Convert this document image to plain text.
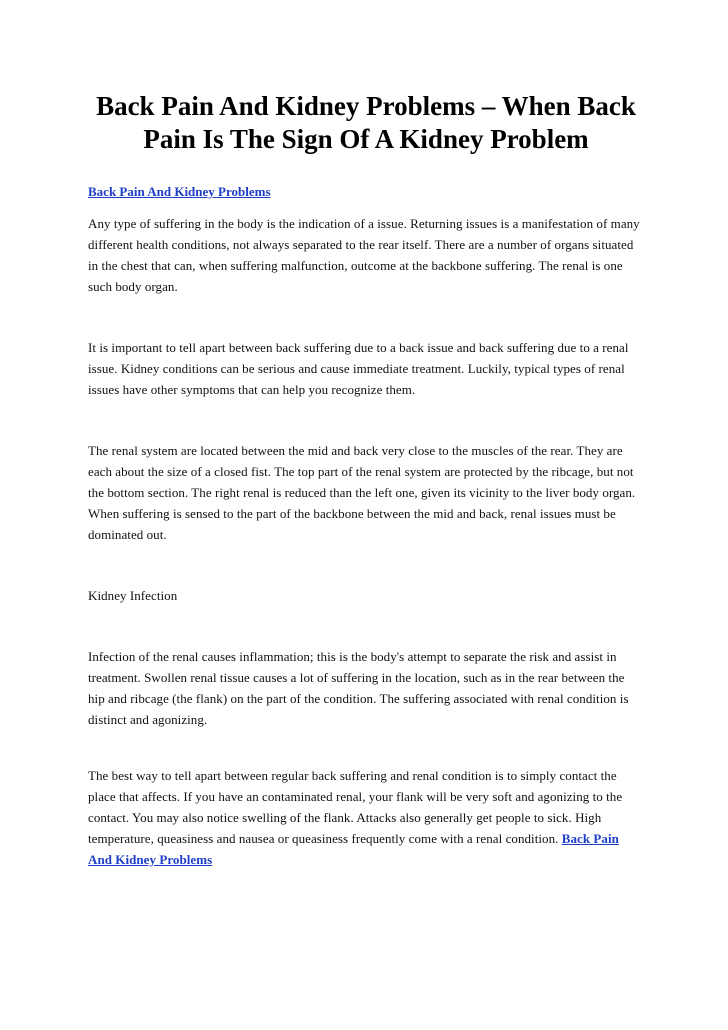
Back Pain And Kidney Problems – When Back Pain Is The Sign Of A Kidney Problem
Back Pain And Kidney Problems

Any type of suffering in the body is the indication of a issue. Returning issues is a manifestation of many different health conditions, not always separated to the rear itself. There are a number of organs situated in the chest that can, when suffering malfunction, outcome at the backbone suffering. The renal is one such body organ.

It is important to tell apart between back suffering due to a back issue and back suffering due to a renal issue. Kidney conditions can be serious and cause immediate treatment. Luckily, typical types of renal issues have other symptoms that can help you recognize them.

The renal system are located between the mid and back very close to the muscles of the rear. They are each about the size of a closed fist. The top part of the renal system are protected by the ribcage, but not the bottom section. The right renal is reduced than the left one, given its vicinity to the liver body organ. When suffering is sensed to the part of the backbone between the mid and back, renal issues must be dominated out.

Kidney Infection

Infection of the renal causes inflammation; this is the body's attempt to separate the risk and assist in treatment. Swollen renal tissue causes a lot of suffering in the location, such as in the rear between the hip and ribcage (the flank) on the part of the condition. The suffering associated with renal condition is distinct and agonizing.

The best way to tell apart between regular back suffering and renal condition is to simply contact the place that affects. If you have an contaminated renal, your flank will be very soft and agonizing to the contact. You may also notice swelling of the flank. Attacks also generally get people to sick. High temperature, queasiness and nausea or queasiness frequently come with a renal condition. Back Pain And Kidney Problems
